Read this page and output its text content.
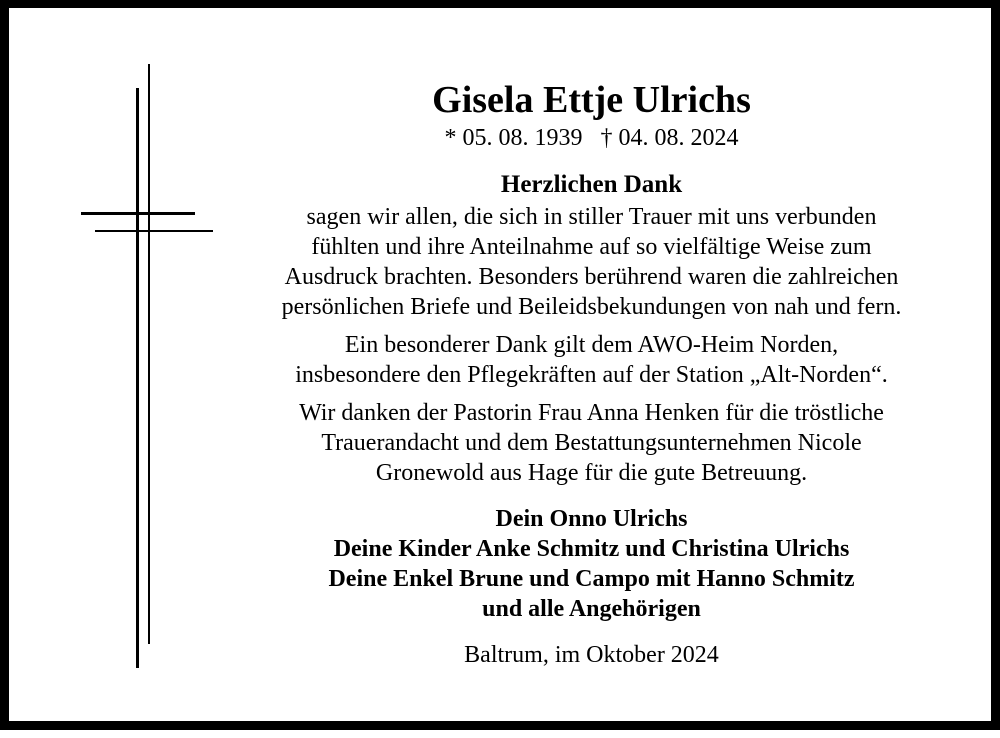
Gisela Ettje Ulrichs
* 05. 08. 1939 † 04. 08. 2024
Herzlichen Dank
sagen wir allen, die sich in stiller Trauer mit uns verbunden
fühlten und ihre Anteilnahme auf so vielfältige Weise zum
Ausdruck brachten. Besonders berührend waren die zahlreichen
persönlichen Briefe und Beileidsbekundungen von nah und fern.
Ein besonderer Dank gilt dem AWO-Heim Norden,
insbesondere den Pflegekräften auf der Station „Alt-Norden“.
Wir danken der Pastorin Frau Anna Henken für die tröstliche
Trauerandacht und dem Bestattungsunternehmen Nicole
Gronewold aus Hage für die gute Betreuung.
Dein Onno Ulrichs
Deine Kinder Anke Schmitz und Christina Ulrichs
Deine Enkel Brune und Campo mit Hanno Schmitz
und alle Angehörigen
Baltrum, im Oktober 2024
